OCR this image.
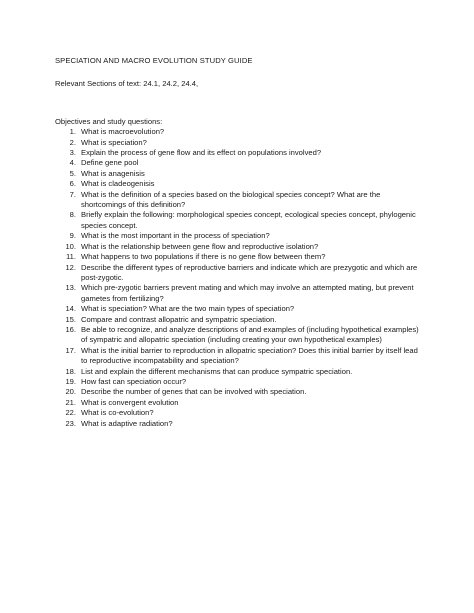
SPECIATION AND MACRO EVOLUTION STUDY GUIDE
Relevant Sections of text: 24.1, 24.2, 24.4,
Objectives and study questions:
1. What is macroevolution?
2. What is speciation?
3. Explain the process of gene flow and its effect on populations involved?
4. Define gene pool
5. What is anagenisis
6. What is cladeogenisis
7. What is the definition of a species based on the biological species concept? What are the shortcomings of this definition?
8. Briefly explain the following: morphological species concept, ecological species concept, phylogenic species concept.
9. What is the most important in the process of speciation?
10. What is the relationship between gene flow and reproductive isolation?
11. What happens to two populations if there is no gene flow between them?
12. Describe the different types of reproductive barriers and indicate which are prezygotic and which are post-zygotic.
13. Which pre-zygotic barriers prevent mating and which may involve an attempted mating, but prevent gametes from fertilizing?
14. What is speciation? What are the two main types of speciation?
15. Compare and contrast allopatric and sympatric speciation.
16. Be able to recognize, and analyze descriptions of and examples of (including hypothetical examples) of sympatric and allopatric speciation (including creating your own hypothetical examples)
17. What is the initial barrier to reproduction in allopatric speciation? Does this initial barrier by itself lead to reproductive incompatability and speciation?
18. List and explain the different mechanisms that can produce sympatric speciation.
19. How fast can speciation occur?
20. Describe the number of genes that can be involved with speciation.
21. What is convergent evolution
22. What is co-evolution?
23. What is adaptive radiation?
